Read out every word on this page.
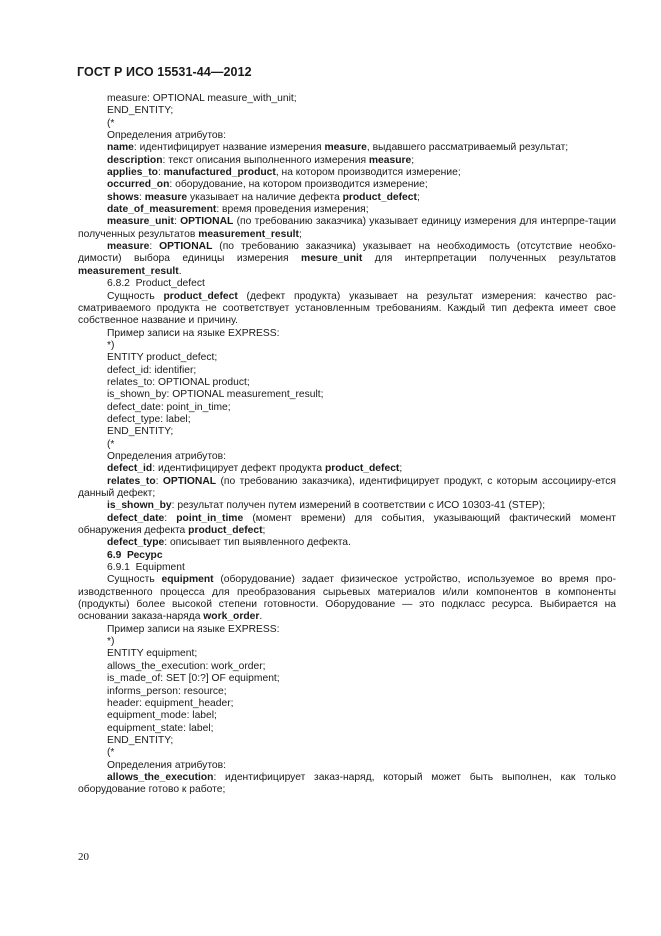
ГОСТ Р ИСО 15531-44—2012
measure: OPTIONAL measure_with_unit;
END_ENTITY;
(*
Определения атрибутов:
name: идентифицирует название измерения measure, выдавшего рассматриваемый результат;
description: текст описания выполненного измерения measure;
applies_to: manufactured_product, на котором производится измерение;
occurred_on: оборудование, на котором производится измерение;
shows: measure указывает на наличие дефекта product_defect;
date_of_measurement: время проведения измерения;
measure_unit: OPTIONAL (по требованию заказчика) указывает единицу измерения для интерпре-тации полученных результатов measurement_result;
measure: OPTIONAL (по требованию заказчика) указывает на необходимость (отсутствие необхо-димости) выбора единицы измерения mesure_unit для интерпретации полученных результатов measurement_result.
6.8.2  Product_defect
Сущность product_defect (дефект продукта) указывает на результат измерения: качество рас-сматриваемого продукта не соответствует установленным требованиям. Каждый тип дефекта имеет свое собственное название и причину.
Пример записи на языке EXPRESS:
*)
ENTITY product_defect;
defect_id: identifier;
relates_to: OPTIONAL product;
is_shown_by: OPTIONAL measurement_result;
defect_date: point_in_time;
defect_type: label;
END_ENTITY;
(*
Определения атрибутов:
defect_id: идентифицирует дефект продукта product_defect;
relates_to: OPTIONAL (по требованию заказчика), идентифицирует продукт, с которым ассоцииру-ется данный дефект;
is_shown_by: результат получен путем измерений в соответствии с ИСО 10303-41 (STEP);
defect_date: point_in_time (момент времени) для события, указывающий фактический момент обнаружения дефекта product_defect;
defect_type: описывает тип выявленного дефекта.
6.9  Ресурс
6.9.1  Equipment
Сущность equipment (оборудование) задает физическое устройство, используемое во время про-изводственного процесса для преобразования сырьевых материалов и/или компонентов в компоненты (продукты) более высокой степени готовности. Оборудование — это подкласс ресурса. Выбирается на основании заказа-наряда work_order.
Пример записи на языке EXPRESS:
*)
ENTITY equipment;
allows_the_execution: work_order;
is_made_of: SET [0:?] OF equipment;
informs_person: resource;
header: equipment_header;
equipment_mode: label;
equipment_state: label;
END_ENTITY;
(*
Определения атрибутов:
allows_the_execution: идентифицирует заказ-наряд, который может быть выполнен, как только оборудование готово к работе;
20
